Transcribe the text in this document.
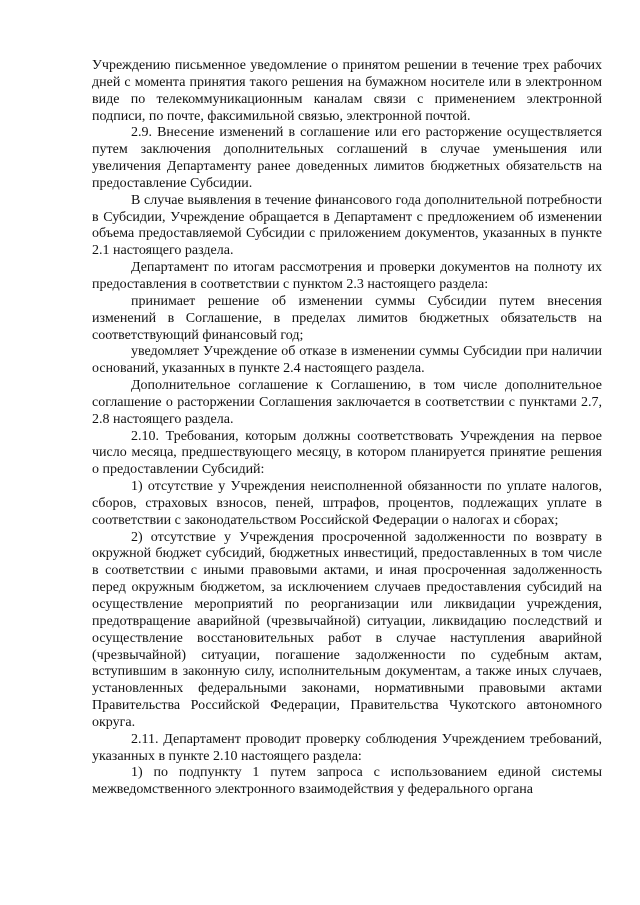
Учреждению письменное уведомление о принятом решении в течение трех рабочих дней с момента принятия такого решения на бумажном носителе или в электронном виде по телекоммуникационным каналам связи с применением электронной подписи, по почте, факсимильной связью, электронной почтой.

2.9. Внесение изменений в соглашение или его расторжение осуществляется путем заключения дополнительных соглашений в случае уменьшения или увеличения Департаменту ранее доведенных лимитов бюджетных обязательств на предоставление Субсидии.

В случае выявления в течение финансового года дополнительной потребности в Субсидии, Учреждение обращается в Департамент с предложением об изменении объема предоставляемой Субсидии с приложением документов, указанных в пункте 2.1 настоящего раздела.

Департамент по итогам рассмотрения и проверки документов на полноту их предоставления в соответствии с пунктом 2.3 настоящего раздела:

принимает решение об изменении суммы Субсидии путем внесения изменений в Соглашение, в пределах лимитов бюджетных обязательств на соответствующий финансовый год;

уведомляет Учреждение об отказе в изменении суммы Субсидии при наличии оснований, указанных в пункте 2.4 настоящего раздела.

Дополнительное соглашение к Соглашению, в том числе дополнительное соглашение о расторжении Соглашения заключается в соответствии с пунктами 2.7, 2.8 настоящего раздела.

2.10. Требования, которым должны соответствовать Учреждения на первое число месяца, предшествующего месяцу, в котором планируется принятие решения о предоставлении Субсидий:

1) отсутствие у Учреждения неисполненной обязанности по уплате налогов, сборов, страховых взносов, пеней, штрафов, процентов, подлежащих уплате в соответствии с законодательством Российской Федерации о налогах и сборах;

2) отсутствие у Учреждения просроченной задолженности по возврату в окружной бюджет субсидий, бюджетных инвестиций, предоставленных в том числе в соответствии с иными правовыми актами, и иная просроченная задолженность перед окружным бюджетом, за исключением случаев предоставления субсидий на осуществление мероприятий по реорганизации или ликвидации учреждения, предотвращение аварийной (чрезвычайной) ситуации, ликвидацию последствий и осуществление восстановительных работ в случае наступления аварийной (чрезвычайной) ситуации, погашение задолженности по судебным актам, вступившим в законную силу, исполнительным документам, а также иных случаев, установленных федеральными законами, нормативными правовыми актами Правительства Российской Федерации, Правительства Чукотского автономного округа.

2.11. Департамент проводит проверку соблюдения Учреждением требований, указанных в пункте 2.10 настоящего раздела:

1) по подпункту 1 путем запроса с использованием единой системы межведомственного электронного взаимодействия у федерального органа
